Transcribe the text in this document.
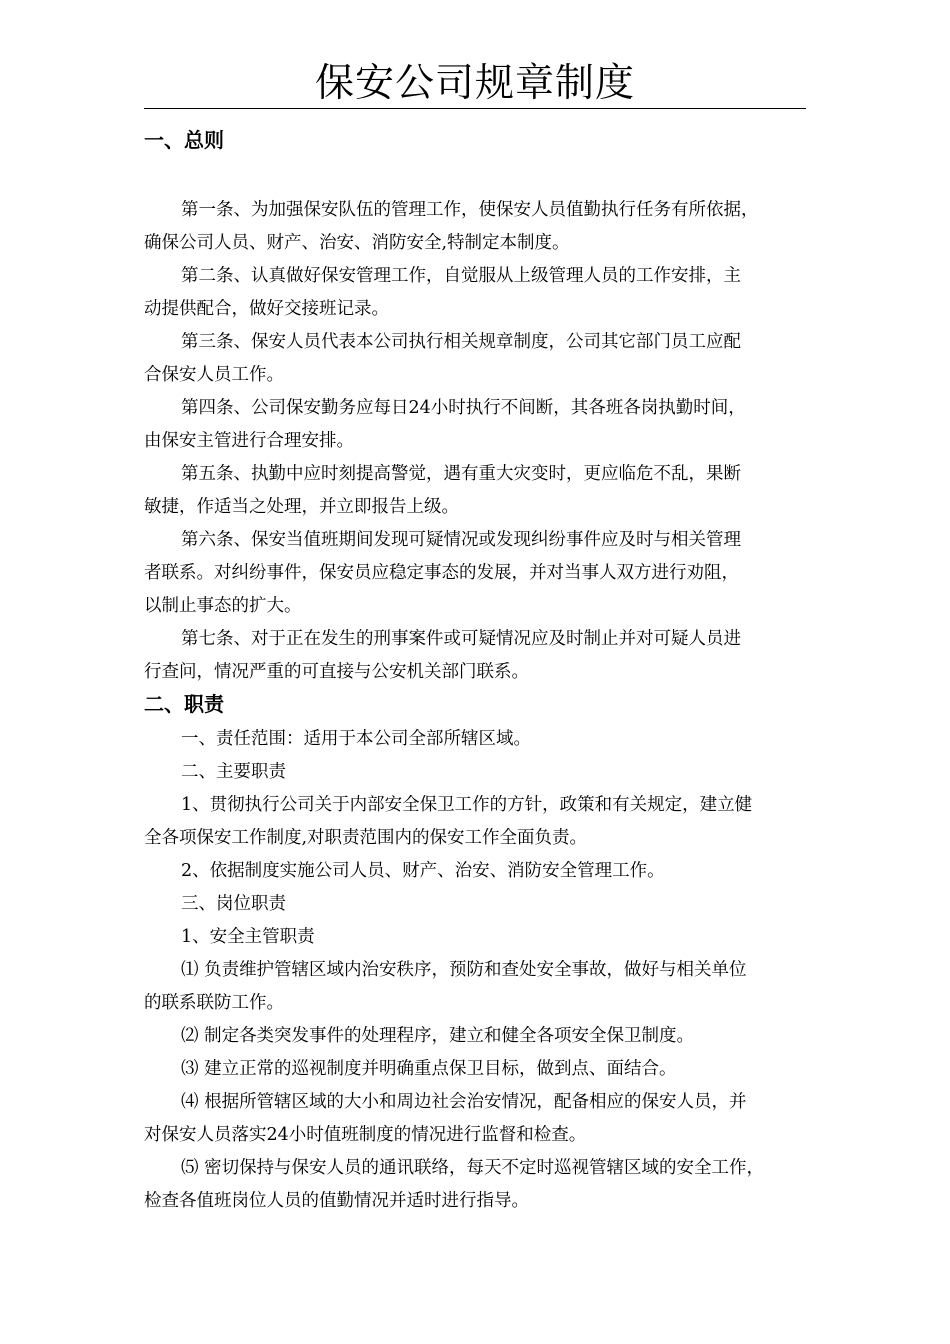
保安公司规章制度
一、总则

第一条、为加强保安队伍的管理工作，使保安人员值勤执行任务有所依据，
确保公司人员、财产、治安、消防安全,特制定本制度。

第二条、认真做好保安管理工作，自觉服从上级管理人员的工作安排，主
动提供配合，做好交接班记录。

第三条、保安人员代表本公司执行相关规章制度，公司其它部门员工应配
合保安人员工作。

第四条、公司保安勤务应每日24小时执行不间断，其各班各岗执勤时间，
由保安主管进行合理安排。

第五条、执勤中应时刻提高警觉，遇有重大灾变时，更应临危不乱，果断
敏捷，作适当之处理，并立即报告上级。

第六条、保安当值班期间发现可疑情况或发现纠纷事件应及时与相关管理
者联系。对纠纷事件，保安员应稳定事态的发展，并对当事人双方进行劝阻，
以制止事态的扩大。

第七条、对于正在发生的刑事案件或可疑情况应及时制止并对可疑人员进
行查问，情况严重的可直接与公安机关部门联系。

二、职责

一、责任范围：适用于本公司全部所辖区域。

二、主要职责

1、贯彻执行公司关于内部安全保卫工作的方针，政策和有关规定，建立健
全各项保安工作制度,对职责范围内的保安工作全面负责。

2、依据制度实施公司人员、财产、治安、消防安全管理工作。

三、岗位职责

1、安全主管职责

⑴ 负责维护管辖区域内治安秩序，预防和查处安全事故，做好与相关单位
的联系联防工作。

⑵ 制定各类突发事件的处理程序，建立和健全各项安全保卫制度。

⑶ 建立正常的巡视制度并明确重点保卫目标，做到点、面结合。

⑷ 根据所管辖区域的大小和周边社会治安情况，配备相应的保安人员，并
对保安人员落实24小时值班制度的情况进行监督和检查。

⑸ 密切保持与保安人员的通讯联络，每天不定时巡视管辖区域的安全工作，
检查各值班岗位人员的值勤情况并适时进行指导。
